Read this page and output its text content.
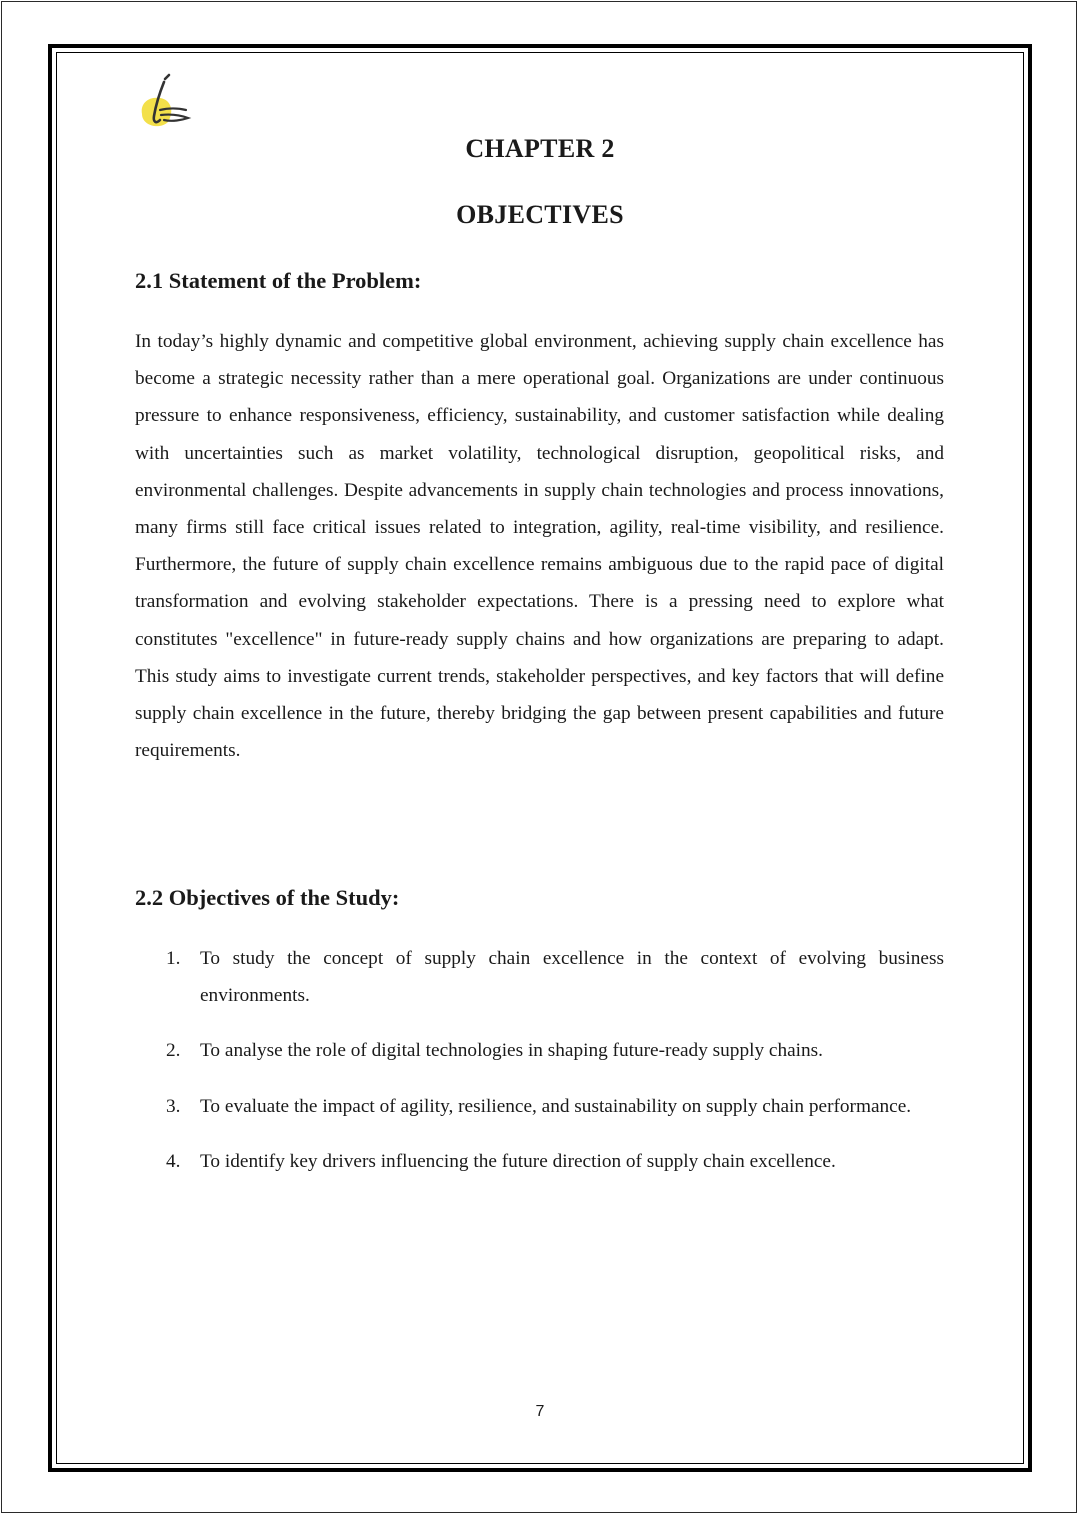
CHAPTER 2
OBJECTIVES
2.1 Statement of the Problem:

In today’s highly dynamic and competitive global environment, achieving supply chain excellence has become a strategic necessity rather than a mere operational goal. Organizations are under continuous pressure to enhance responsiveness, efficiency, sustainability, and customer satisfaction while dealing with uncertainties such as market volatility, technological disruption, geopolitical risks, and environmental challenges. Despite advancements in supply chain technologies and process innovations, many firms still face critical issues related to integration, agility, real-time visibility, and resilience. Furthermore, the future of supply chain excellence remains ambiguous due to the rapid pace of digital transformation and evolving stakeholder expectations. There is a pressing need to explore what constitutes "excellence" in future-ready supply chains and how organizations are preparing to adapt. This study aims to investigate current trends, stakeholder perspectives, and key factors that will define supply chain excellence in the future, thereby bridging the gap between present capabilities and future requirements.

2.2 Objectives of the Study:
1. To study the concept of supply chain excellence in the context of evolving business environments.
2. To analyse the role of digital technologies in shaping future-ready supply chains.
3. To evaluate the impact of agility, resilience, and sustainability on supply chain performance.
4. To identify key drivers influencing the future direction of supply chain excellence.
7
